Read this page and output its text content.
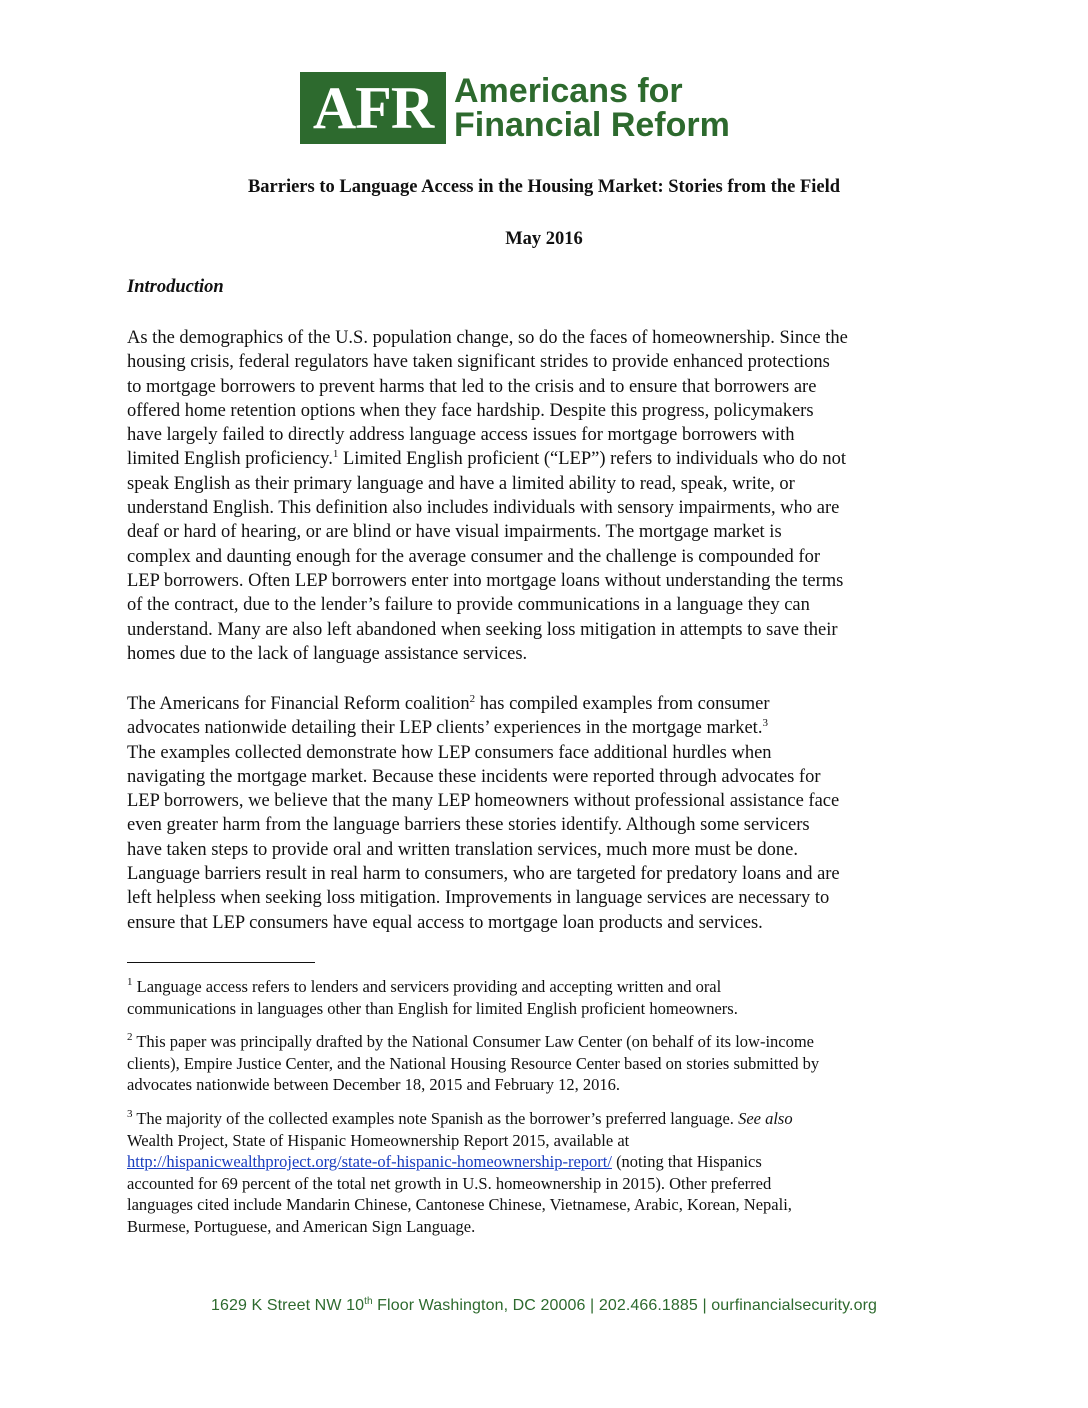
AFR Americans for
Financial Reform
Barriers to Language Access in the Housing Market: Stories from the Field
May 2016
Introduction

As the demographics of the U.S. population change, so do the faces of homeownership. Since the
housing crisis, federal regulators have taken significant strides to provide enhanced protections
to mortgage borrowers to prevent harms that led to the crisis and to ensure that borrowers are
offered home retention options when they face hardship. Despite this progress, policymakers
have largely failed to directly address language access issues for mortgage borrowers with
limited English proficiency.$^1$ Limited English proficient (“LEP”) refers to individuals who do not
speak English as their primary language and have a limited ability to read, speak, write, or
understand English. This definition also includes individuals with sensory impairments, who are
deaf or hard of hearing, or are blind or have visual impairments. The mortgage market is
complex and daunting enough for the average consumer and the challenge is compounded for
LEP borrowers. Often LEP borrowers enter into mortgage loans without understanding the terms
of the contract, due to the lender’s failure to provide communications in a language they can
understand. Many are also left abandoned when seeking loss mitigation in attempts to save their
homes due to the lack of language assistance services.

The Americans for Financial Reform coalition$^2$ has compiled examples from consumer
advocates nationwide detailing their LEP clients’ experiences in the mortgage market.$^3$
The examples collected demonstrate how LEP consumers face additional hurdles when
navigating the mortgage market. Because these incidents were reported through advocates for
LEP borrowers, we believe that the many LEP homeowners without professional assistance face
even greater harm from the language barriers these stories identify. Although some servicers
have taken steps to provide oral and written translation services, much more must be done.
Language barriers result in real harm to consumers, who are targeted for predatory loans and are
left helpless when seeking loss mitigation. Improvements in language services are necessary to
ensure that LEP consumers have equal access to mortgage loan products and services.

$^1$ Language access refers to lenders and servicers providing and accepting written and oral
communications in languages other than English for limited English proficient homeowners.

$^2$ This paper was principally drafted by the National Consumer Law Center (on behalf of its low-income
clients), Empire Justice Center, and the National Housing Resource Center based on stories submitted by
advocates nationwide between December 18, 2015 and February 12, 2016.

$^3$ The majority of the collected examples note Spanish as the borrower’s preferred language. See also
Wealth Project, State of Hispanic Homeownership Report 2015, available at
http://hispanicwealthproject.org/state-of-hispanic-homeownership-report/ (noting that Hispanics
accounted for 69 percent of the total net growth in U.S. homeownership in 2015). Other preferred
languages cited include Mandarin Chinese, Cantonese Chinese, Vietnamese, Arabic, Korean, Nepali,
Burmese, Portuguese, and American Sign Language.

1629 K Street NW 10th Floor Washington, DC 20006 | 202.466.1885 | ourfinancialsecurity.org
